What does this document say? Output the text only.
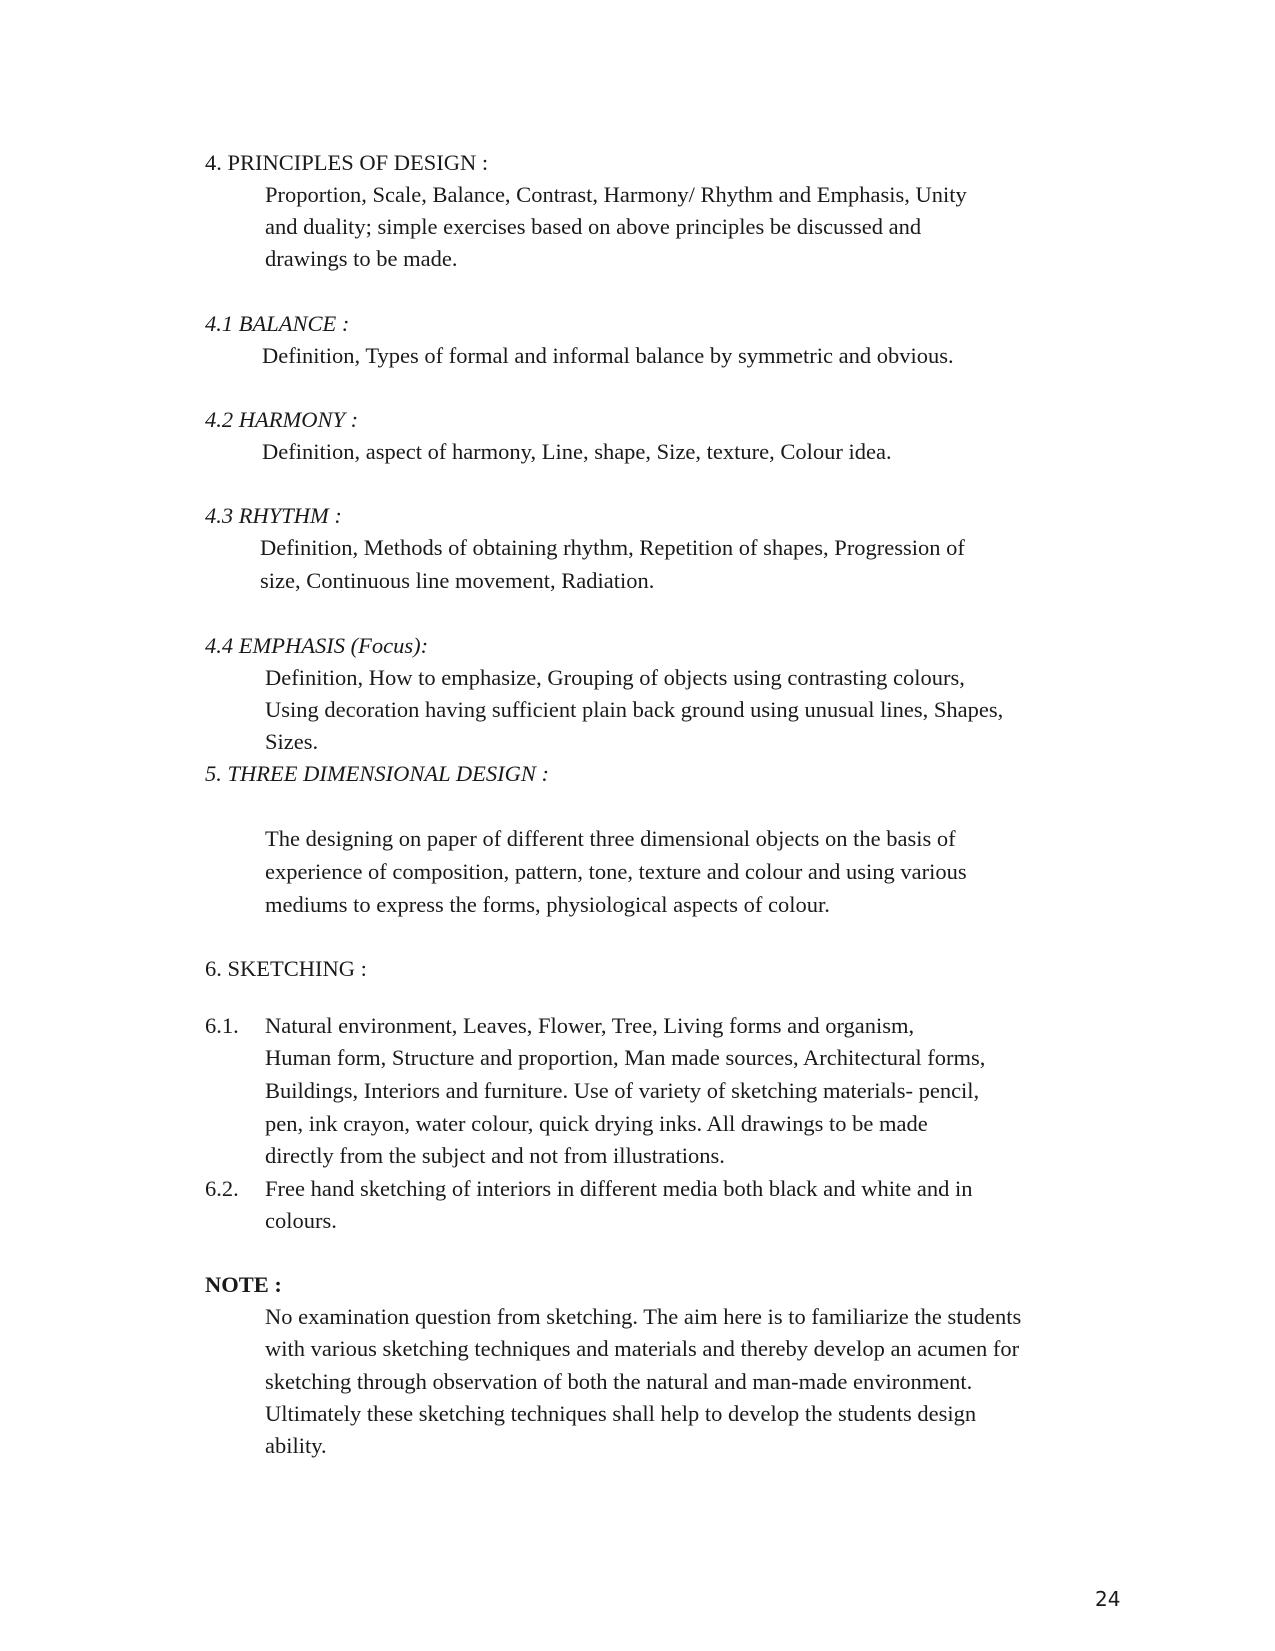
4. PRINCIPLES OF DESIGN :
Proportion, Scale, Balance, Contrast, Harmony/ Rhythm and Emphasis, Unity
and duality; simple exercises based on above principles be discussed and
drawings to be made.
4.1 BALANCE :
Definition, Types of formal and informal balance by symmetric and obvious.
4.2 HARMONY :
Definition, aspect of harmony, Line, shape, Size, texture, Colour idea.
4.3 RHYTHM :
Definition, Methods of obtaining rhythm, Repetition of shapes, Progression of
size, Continuous line movement, Radiation.
4.4 EMPHASIS (Focus):
Definition, How to emphasize, Grouping of objects using contrasting colours,
Using decoration having sufficient plain back ground using unusual lines, Shapes,
Sizes.
5. THREE DIMENSIONAL DESIGN :
The designing on paper of different three dimensional objects on the basis of
experience of composition, pattern, tone, texture and colour and using various
mediums to express the forms, physiological aspects of colour.
6. SKETCHING :
6.1. Natural environment, Leaves, Flower, Tree, Living forms and organism,
Human form, Structure and proportion, Man made sources, Architectural forms,
Buildings, Interiors and furniture. Use of variety of sketching materials- pencil,
pen, ink crayon, water colour, quick drying inks. All drawings to be made
directly from the subject and not from illustrations.
6.2. Free hand sketching of interiors in different media both black and white and in
colours.
NOTE :
No examination question from sketching. The aim here is to familiarize the students
with various sketching techniques and materials and thereby develop an acumen for
sketching through observation of both the natural and man-made environment.
Ultimately these sketching techniques shall help to develop the students design
ability.
24
